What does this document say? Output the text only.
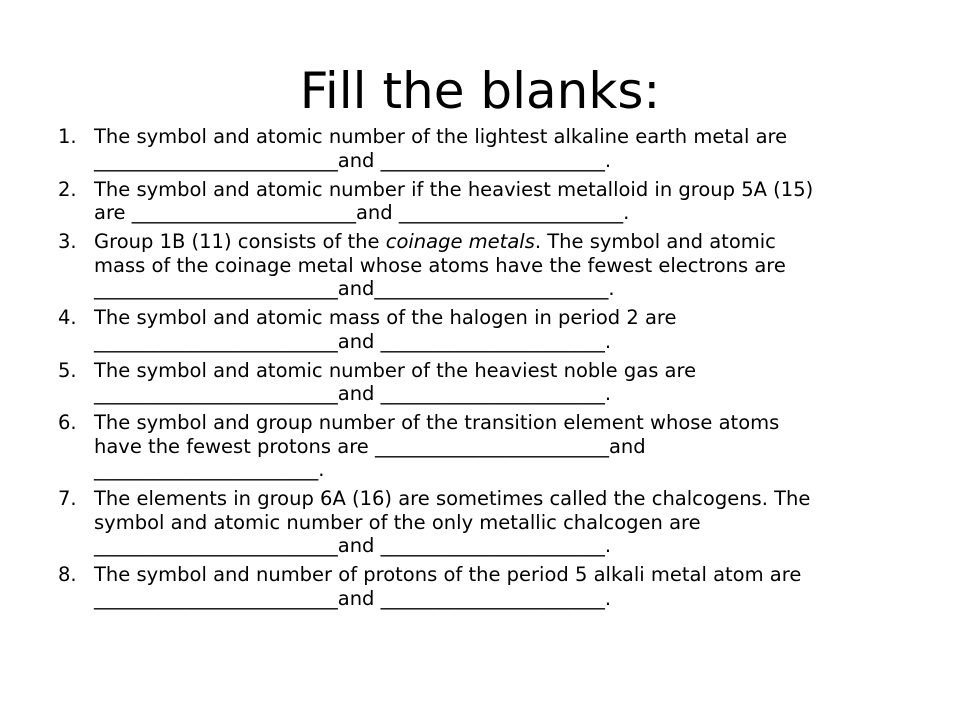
Fill the blanks:
1. The symbol and atomic number of the lightest alkaline earth metal are
_________________________and _______________________.
2. The symbol and atomic number if the heaviest metalloid in group 5A (15)
are _______________________and _______________________.
3. Group 1B (11) consists of the coinage metals. The symbol and atomic
mass of the coinage metal whose atoms have the fewest electrons are
_________________________and________________________.
4. The symbol and atomic mass of the halogen in period 2 are
_________________________and _______________________.
5. The symbol and atomic number of the heaviest noble gas are
_________________________and _______________________.
6. The symbol and group number of the transition element whose atoms
have the fewest protons are ________________________and
_______________________.
7. The elements in group 6A (16) are sometimes called the chalcogens. The
symbol and atomic number of the only metallic chalcogen are
_________________________and _______________________.
8. The symbol and number of protons of the period 5 alkali metal atom are
_________________________and _______________________.
